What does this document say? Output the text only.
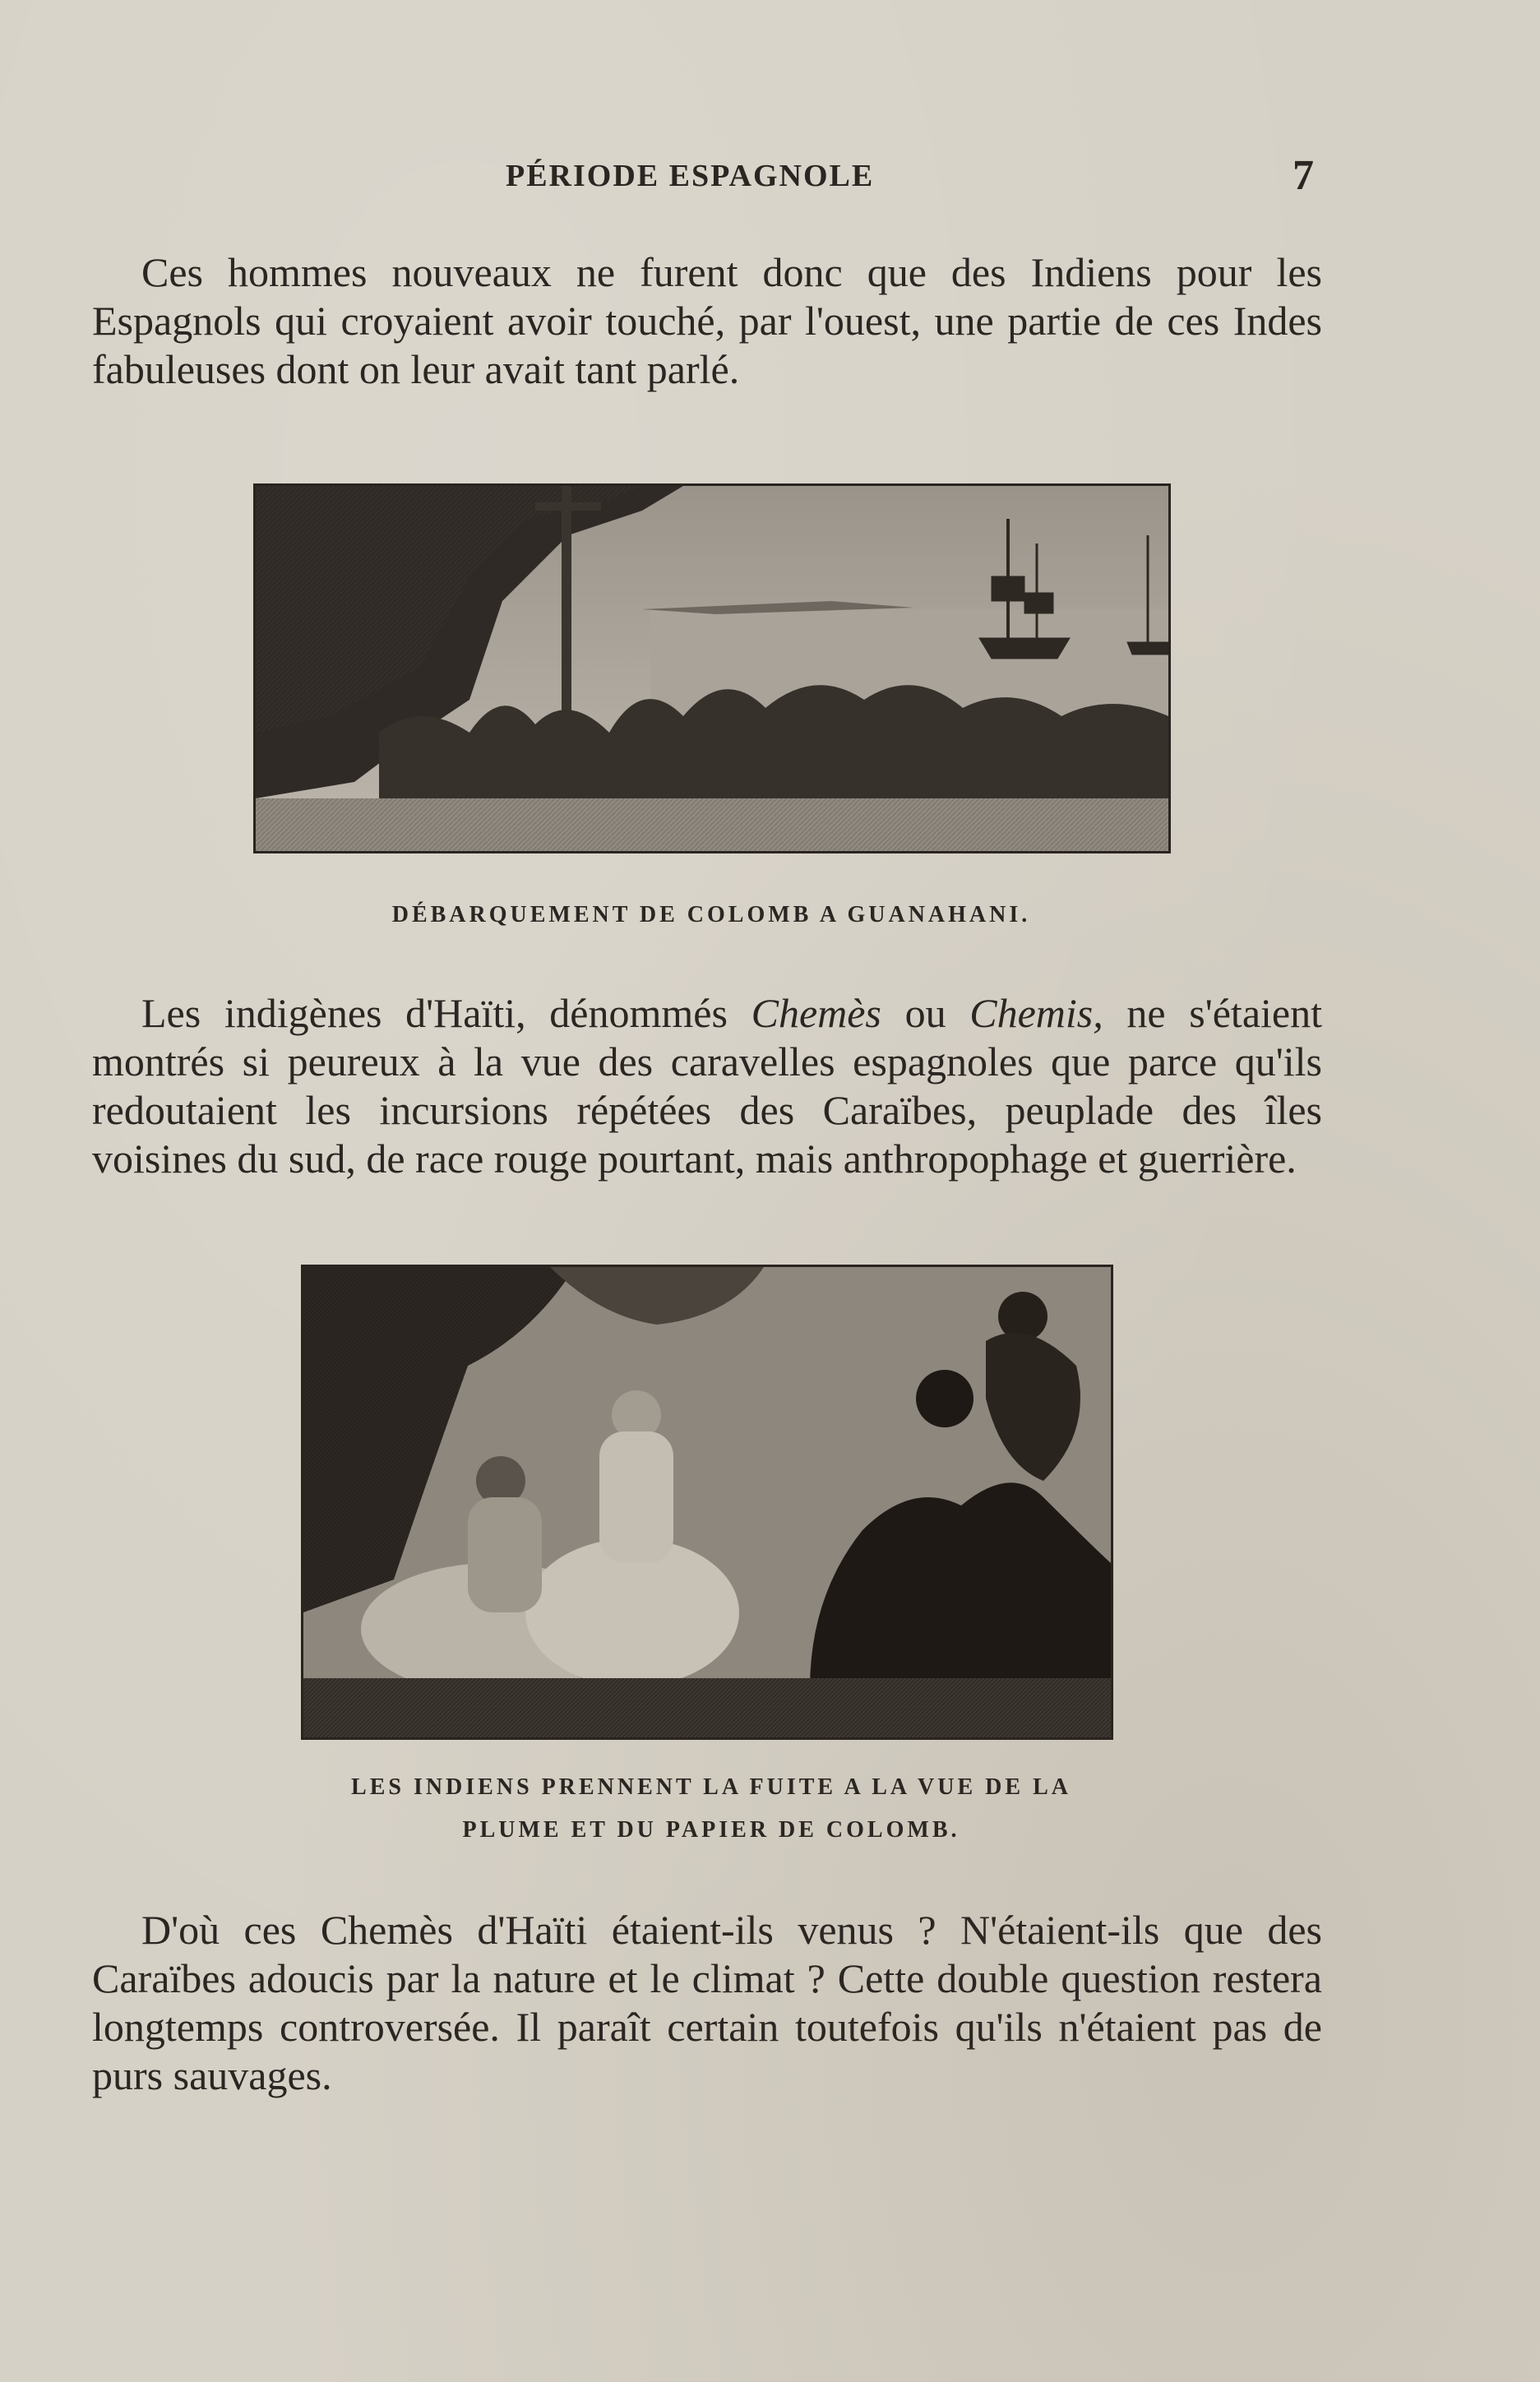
PÉRIODE ESPAGNOLE	7

Ces hommes nouveaux ne furent donc que des Indiens pour les Espagnols qui croyaient avoir touché, par l'ouest, une partie de ces Indes fabuleuses dont on leur avait tant parlé.

DÉBARQUEMENT DE COLOMB A GUANAHANI.

Les indigènes d'Haïti, dénommés Chemès ou Chemis, ne s'étaient montrés si peureux à la vue des caravelles espagnoles que parce qu'ils redoutaient les incursions répétées des Caraïbes, peuplade des îles voisines du sud, de race rouge pourtant, mais anthropophage et guerrière.

LES INDIENS PRENNENT LA FUITE A LA VUE DE LA
PLUME ET DU PAPIER DE COLOMB.

D'où ces Chemès d'Haïti étaient-ils venus ? N'étaient-ils que des Caraïbes adoucis par la nature et le climat ? Cette double question restera longtemps controversée. Il paraît certain toutefois qu'ils n'étaient pas de purs sauvages.
